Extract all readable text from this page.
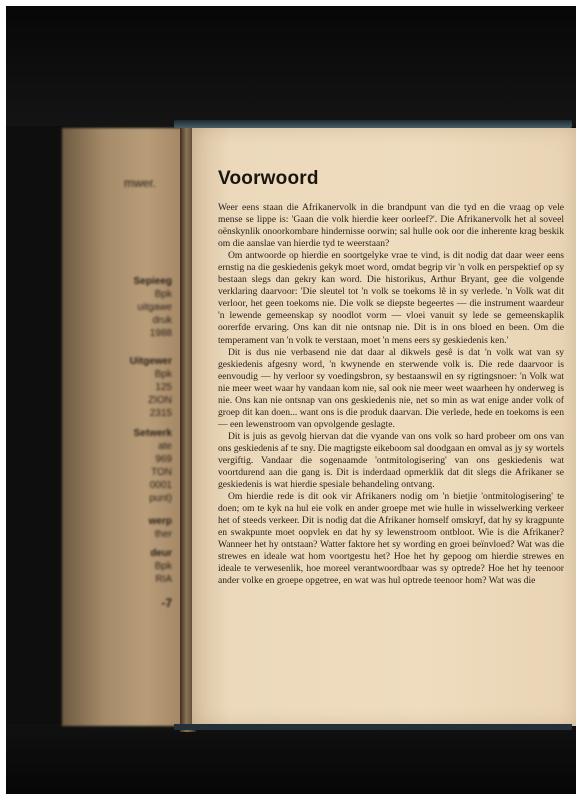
mwer.
Sepieeg
Bpk
uitgawe
druk
1988
Uitgewer
Bpk
125
ZION
2315
Setwerk
ate
969
TON
0001
punt)
werp
ther
deur
Bpk
RIA
-7
Voorwoord

Weer eens staan die Afrikanervolk in die brandpunt van die tyd en die vraag op vele mense se lippe is: 'Gaan die volk hierdie keer oorleef?'. Die Afrikanervolk het al soveel oënskynlik onoorkombare hindernisse oorwin; sal hulle ook oor die inherente krag beskik om die aanslae van hierdie tyd te weerstaan?

Om antwoorde op hierdie en soortgelyke vrae te vind, is dit nodig dat daar weer eens ernstig na die geskiedenis gekyk moet word, omdat begrip vir 'n volk en perspektief op sy bestaan slegs dan gekry kan word. Die historikus, Arthur Bryant, gee die volgende verklaring daarvoor: 'Die sleutel tot 'n volk se toekoms lê in sy verlede. 'n Volk wat dit verloor, het geen toekoms nie. Die volk se diepste begeertes — die instrument waardeur 'n lewende gemeenskap sy noodlot vorm — vloei vanuit sy lede se gemeenskaplik oorerfde ervaring. Ons kan dit nie ontsnap nie. Dit is in ons bloed en been. Om die temperament van 'n volk te verstaan, moet 'n mens eers sy geskiedenis ken.'

Dit is dus nie verbasend nie dat daar al dikwels gesê is dat 'n volk wat van sy geskiedenis afgesny word, 'n kwynende en sterwende volk is. Die rede daarvoor is eenvoudig — hy verloor sy voedingsbron, sy bestaanswil en sy rigtingsnoer: 'n Volk wat nie meer weet waar hy vandaan kom nie, sal ook nie meer weet waarheen hy onderweg is nie. Ons kan nie ontsnap van ons geskiedenis nie, net so min as wat enige ander volk of groep dit kan doen... want ons is die produk daarvan. Die verlede, hede en toekoms is een — een lewenstroom van opvolgende geslagte.

Dit is juis as gevolg hiervan dat die vyande van ons volk so hard probeer om ons van ons geskiedenis af te sny. Die magtigste eikeboom sal doodgaan en omval as jy sy wortels vergiftig. Vandaar die sogenaamde 'ontmitologisering' van ons geskiedenis wat voortdurend aan die gang is. Dit is inderdaad opmerklik dat dit slegs die Afrikaner se geskiedenis is wat hierdie spesiale behandeling ontvang.

Om hierdie rede is dit ook vir Afrikaners nodig om 'n bietjie 'ontmitologisering' te doen; om te kyk na hul eie volk en ander groepe met wie hulle in wisselwerking verkeer het of steeds verkeer. Dit is nodig dat die Afrikaner homself omskryf, dat hy sy kragpunte en swakpunte moet oopvlek en dat hy sy lewenstroom ontbloot. Wie is die Afrikaner? Wanneer het hy ontstaan? Watter faktore het sy wording en groei beïnvloed? Wat was die strewes en ideale wat hom voortgestu het? Hoe het hy gepoog om hierdie strewes en ideale te verwesenlik, hoe moreel verantwoordbaar was sy optrede? Hoe het hy teenoor ander volke en groepe opgetree, en wat was hul optrede teenoor hom? Wat was die
